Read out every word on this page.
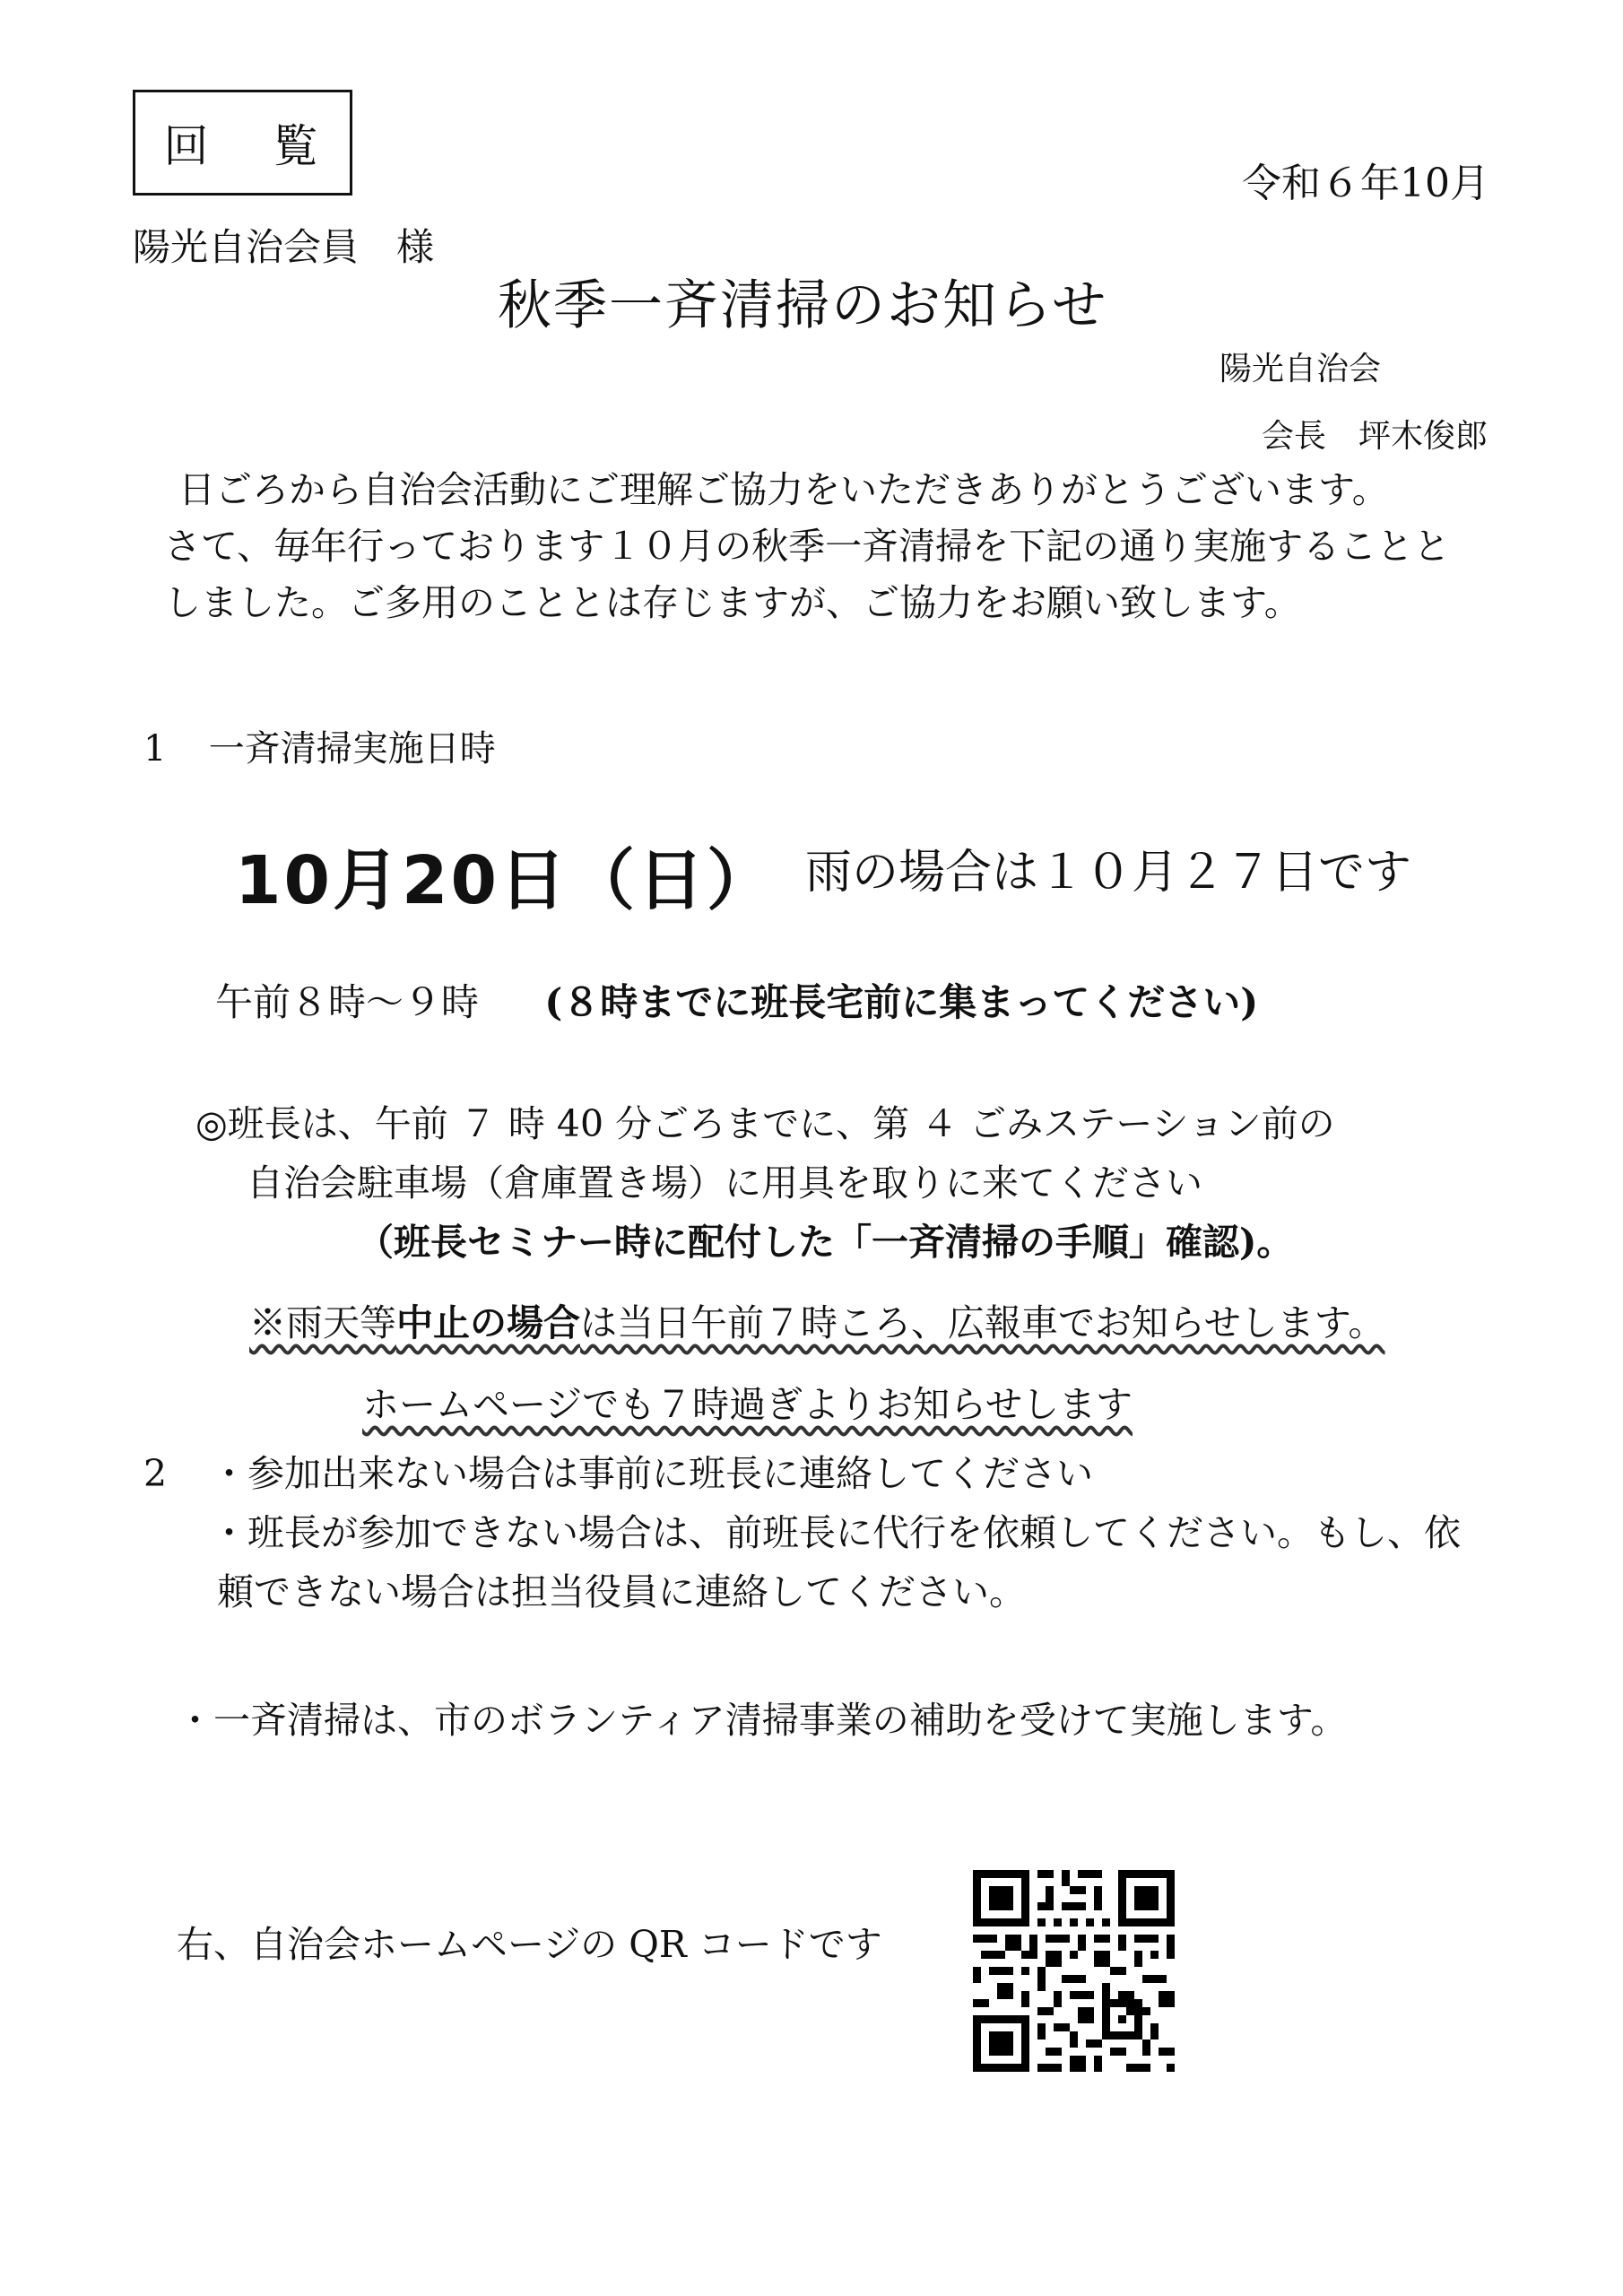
回 覧
令和６年10月
陽光自治会員　様
秋季一斉清掃のお知らせ
陽光自治会
会長　坪木俊郎

日ごろから自治会活動にご理解ご協力をいただきありがとうございます。

さて、毎年行っております１０月の秋季一斉清掃を下記の通り実施することと

しました。ご多用のこととは存じますが、ご協力をお願い致します。

1 一斉清掃実施日時
10月20日（日） 雨の場合は１０月２７日です
午前８時～９時 (８時までに班長宅前に集まってください)

◎班長は、午前 ７ 時 40 分ごろまでに、第 ４ ごみステーション前の

自治会駐車場（倉庫置き場）に用具を取りに来てください

（班長セミナー時に配付した「一斉清掃の手順」確認)。

※雨天等中止の場合は当日午前７時ころ、広報車でお知らせします。
ホームページでも７時過ぎよりお知らせします
2	・参加出来ない場合は事前に班長に連絡してください
・班長が参加できない場合は、前班長に代行を依頼してください。もし、依
頼できない場合は担当役員に連絡してください。
・一斉清掃は、市のボランティア清掃事業の補助を受けて実施します。
右、自治会ホームページの QR コードです
